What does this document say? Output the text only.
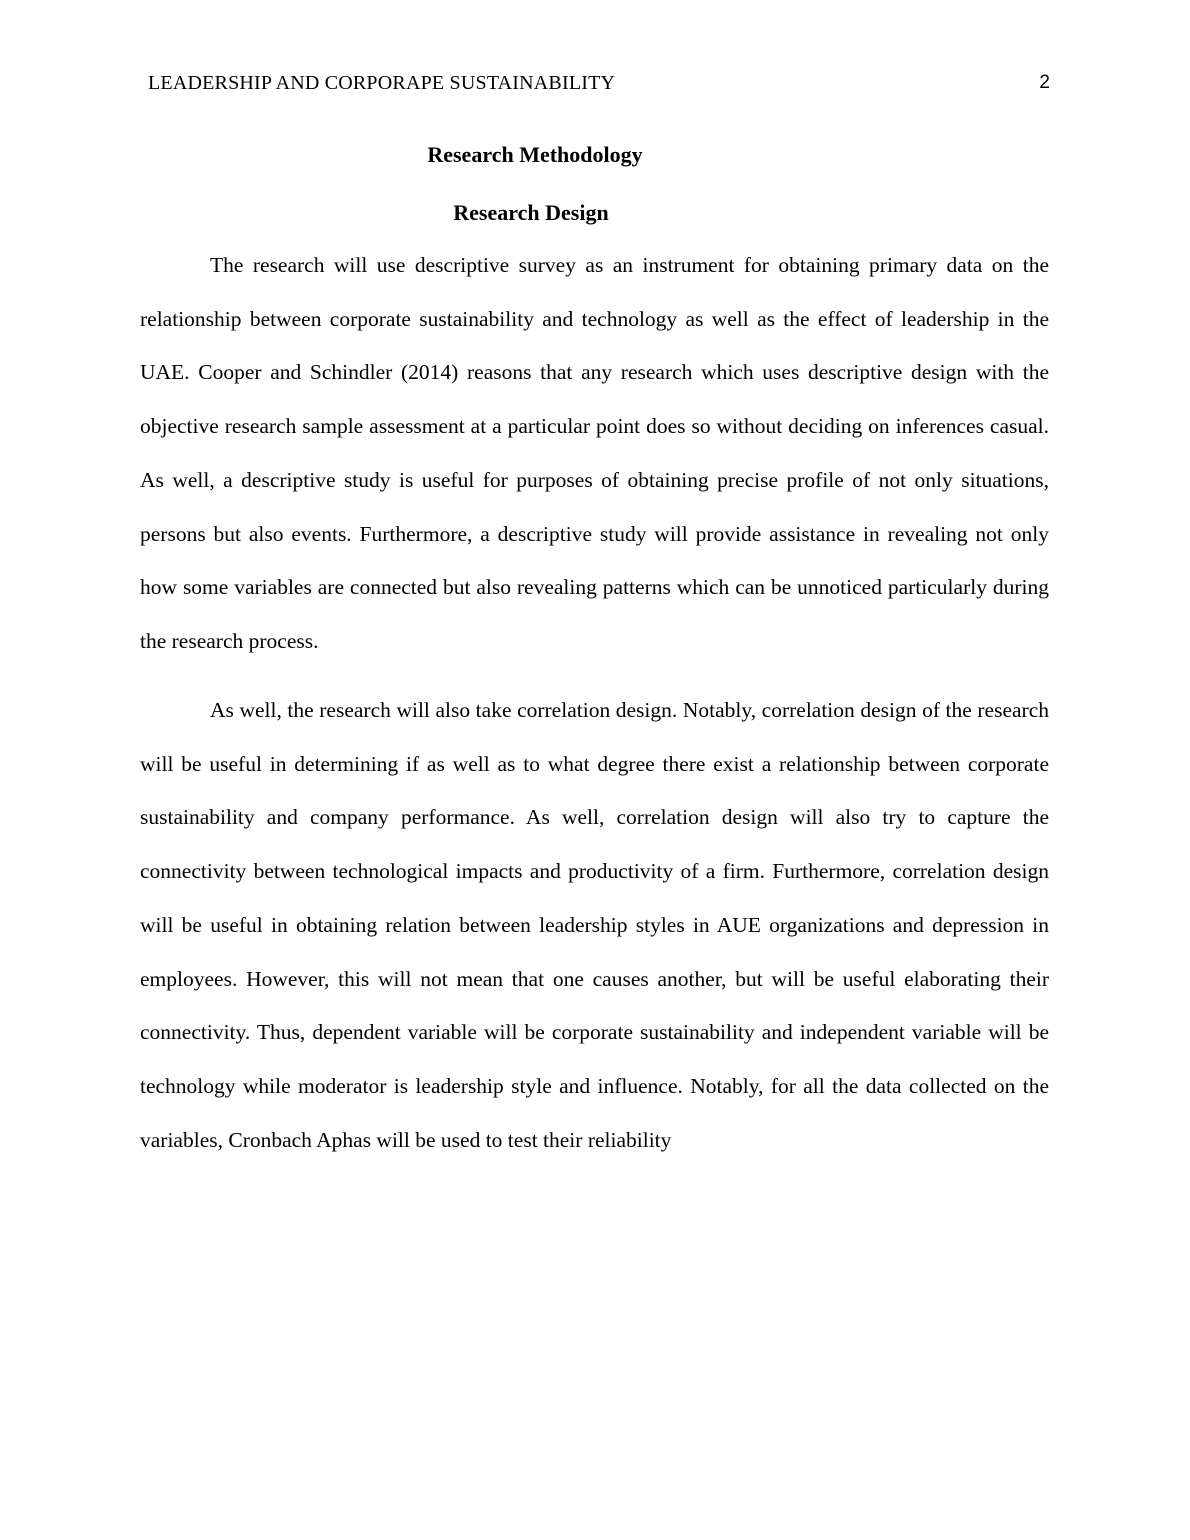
LEADERSHIP AND CORPORAPE SUSTAINABILITY	2
Research Methodology
Research Design

The research will use descriptive survey as an instrument for obtaining primary data on the relationship between corporate sustainability and technology as well as the effect of leadership in the UAE. Cooper and Schindler (2014) reasons that any research which uses descriptive design with the objective research sample assessment at a particular point does so without deciding on inferences casual. As well, a descriptive study is useful for purposes of obtaining precise profile of not only situations, persons but also events. Furthermore, a descriptive study will provide assistance in revealing not only how some variables are connected but also revealing patterns which can be unnoticed particularly during the research process.

As well, the research will also take correlation design. Notably, correlation design of the research will be useful in determining if as well as to what degree there exist a relationship between corporate sustainability and company performance. As well, correlation design will also try to capture the connectivity between technological impacts and productivity of a firm. Furthermore, correlation design will be useful in obtaining relation between leadership styles in AUE organizations and depression in employees. However, this will not mean that one causes another, but will be useful elaborating their connectivity. Thus, dependent variable will be corporate sustainability and independent variable will be technology while moderator is leadership style and influence. Notably, for all the data collected on the variables, Cronbach Aphas will be used to test their reliability
